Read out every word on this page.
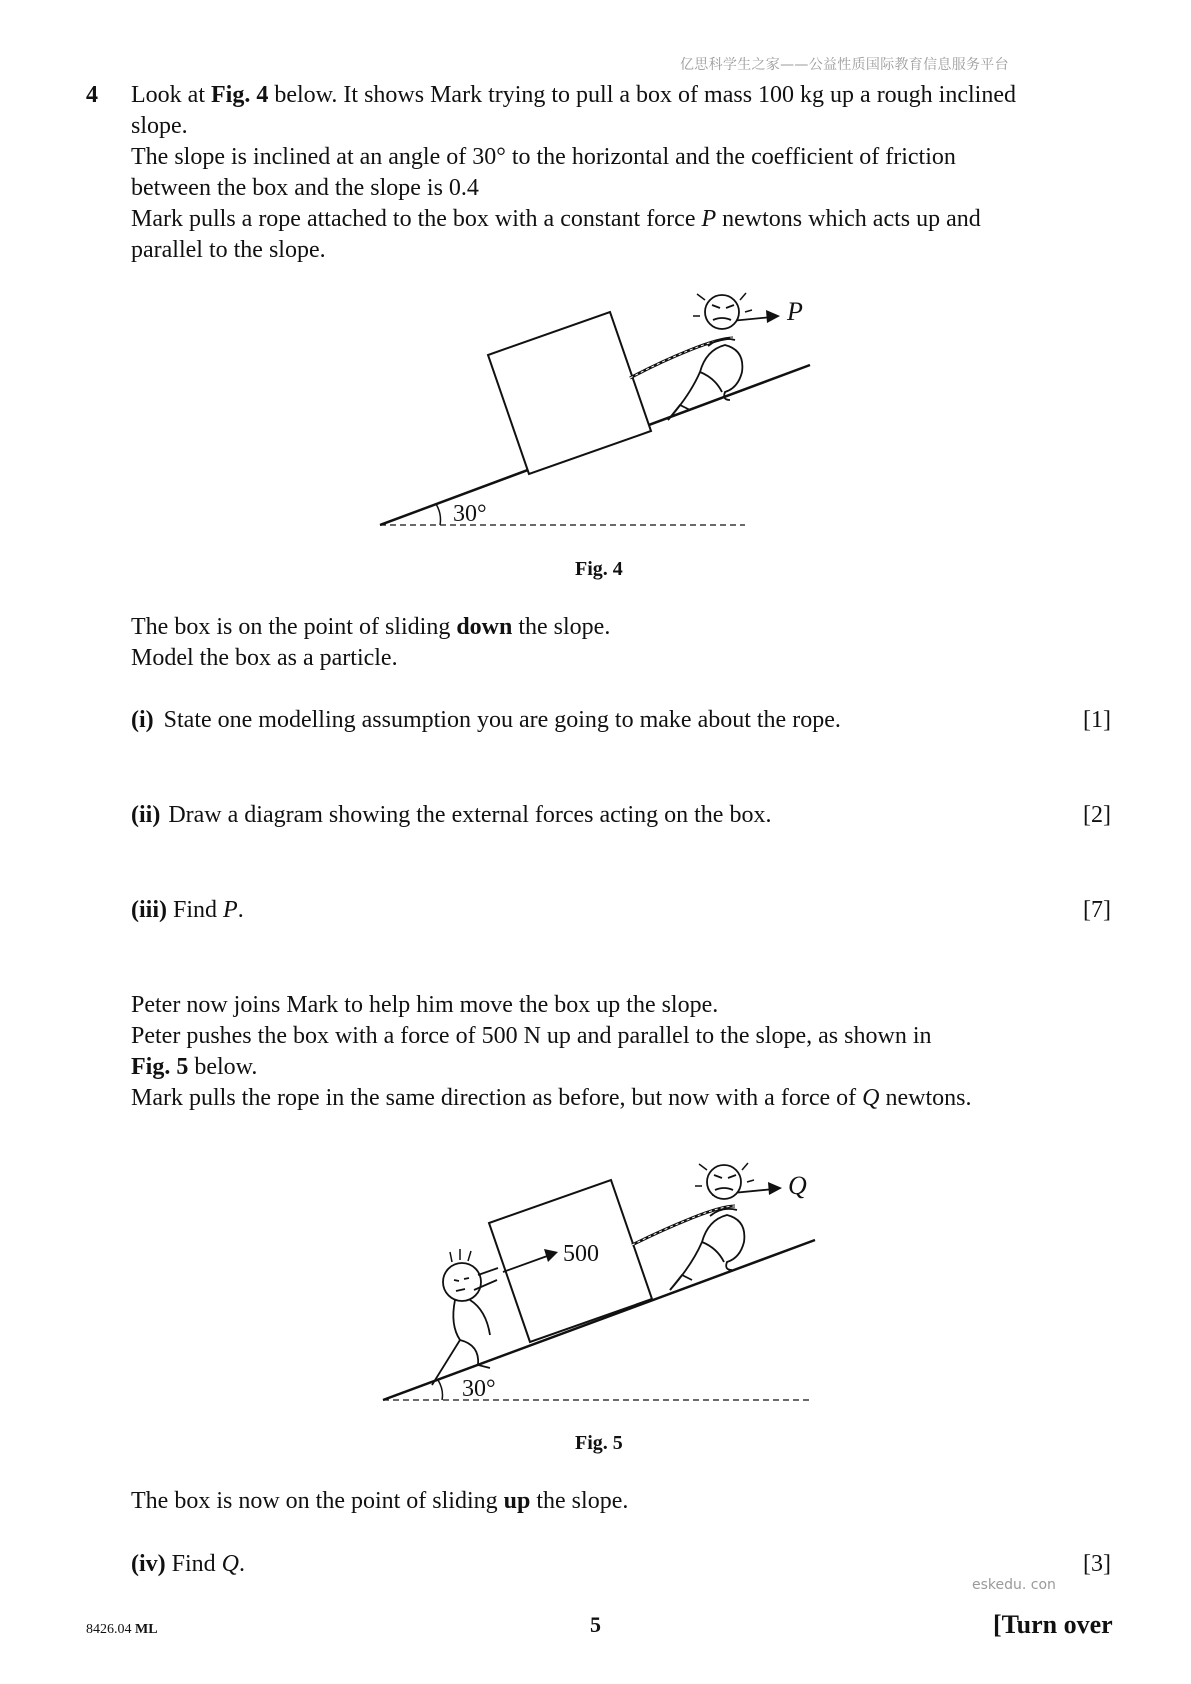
亿思科学生之家——公益性质国际教育信息服务平台
4 Look at Fig. 4 below. It shows Mark trying to pull a box of mass 100 kg up a rough inclined
slope.
The slope is inclined at an angle of 30° to the horizontal and the coefficient of friction
between the box and the slope is 0.4
Mark pulls a rope attached to the box with a constant force P newtons which acts up and
parallel to the slope.
30°
P
Fig. 4
The box is on the point of sliding down the slope.
Model the box as a particle.
(i) State one modelling assumption you are going to make about the rope.	[1]
(ii) Draw a diagram showing the external forces acting on the box.	[2]
(iii) Find P.	[7]
Peter now joins Mark to help him move the box up the slope.
Peter pushes the box with a force of 500 N up and parallel to the slope, as shown in
Fig. 5 below.
Mark pulls the rope in the same direction as before, but now with a force of Q newtons.
30°
500
Q
Fig. 5
The box is now on the point of sliding up the slope.
(iv) Find Q.	[3]
eskedu. con
8426.04 ML	5	[Turn over
